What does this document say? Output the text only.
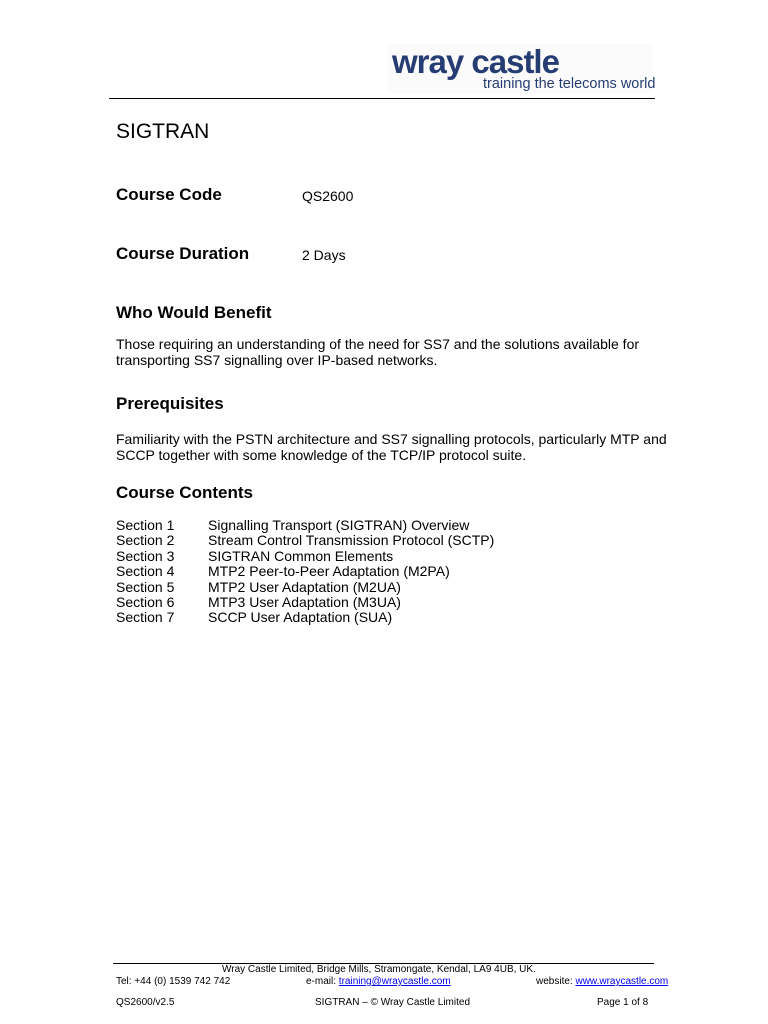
wray castle
training the telecoms world
SIGTRAN
Course Code	QS2600
Course Duration	2 Days
Who Would Benefit
Those requiring an understanding of the need for SS7 and the solutions available for transporting SS7 signalling over IP-based networks.
Prerequisites
Familiarity with the PSTN architecture and SS7 signalling protocols, particularly MTP and SCCP together with some knowledge of the TCP/IP protocol suite.
Course Contents
Section 1 Signalling Transport (SIGTRAN) Overview
Section 2 Stream Control Transmission Protocol (SCTP)
Section 3 SIGTRAN Common Elements
Section 4 MTP2 Peer-to-Peer Adaptation (M2PA)
Section 5 MTP2 User Adaptation (M2UA)
Section 6 MTP3 User Adaptation (M3UA)
Section 7 SCCP User Adaptation (SUA)
Wray Castle Limited, Bridge Mills, Stramongate, Kendal, LA9 4UB, UK.
Tel: +44 (0) 1539 742 742	e-mail: training@wraycastle.com	website: www.wraycastle.com
QS2600/v2.5	SIGTRAN – © Wray Castle Limited	Page 1 of 8
